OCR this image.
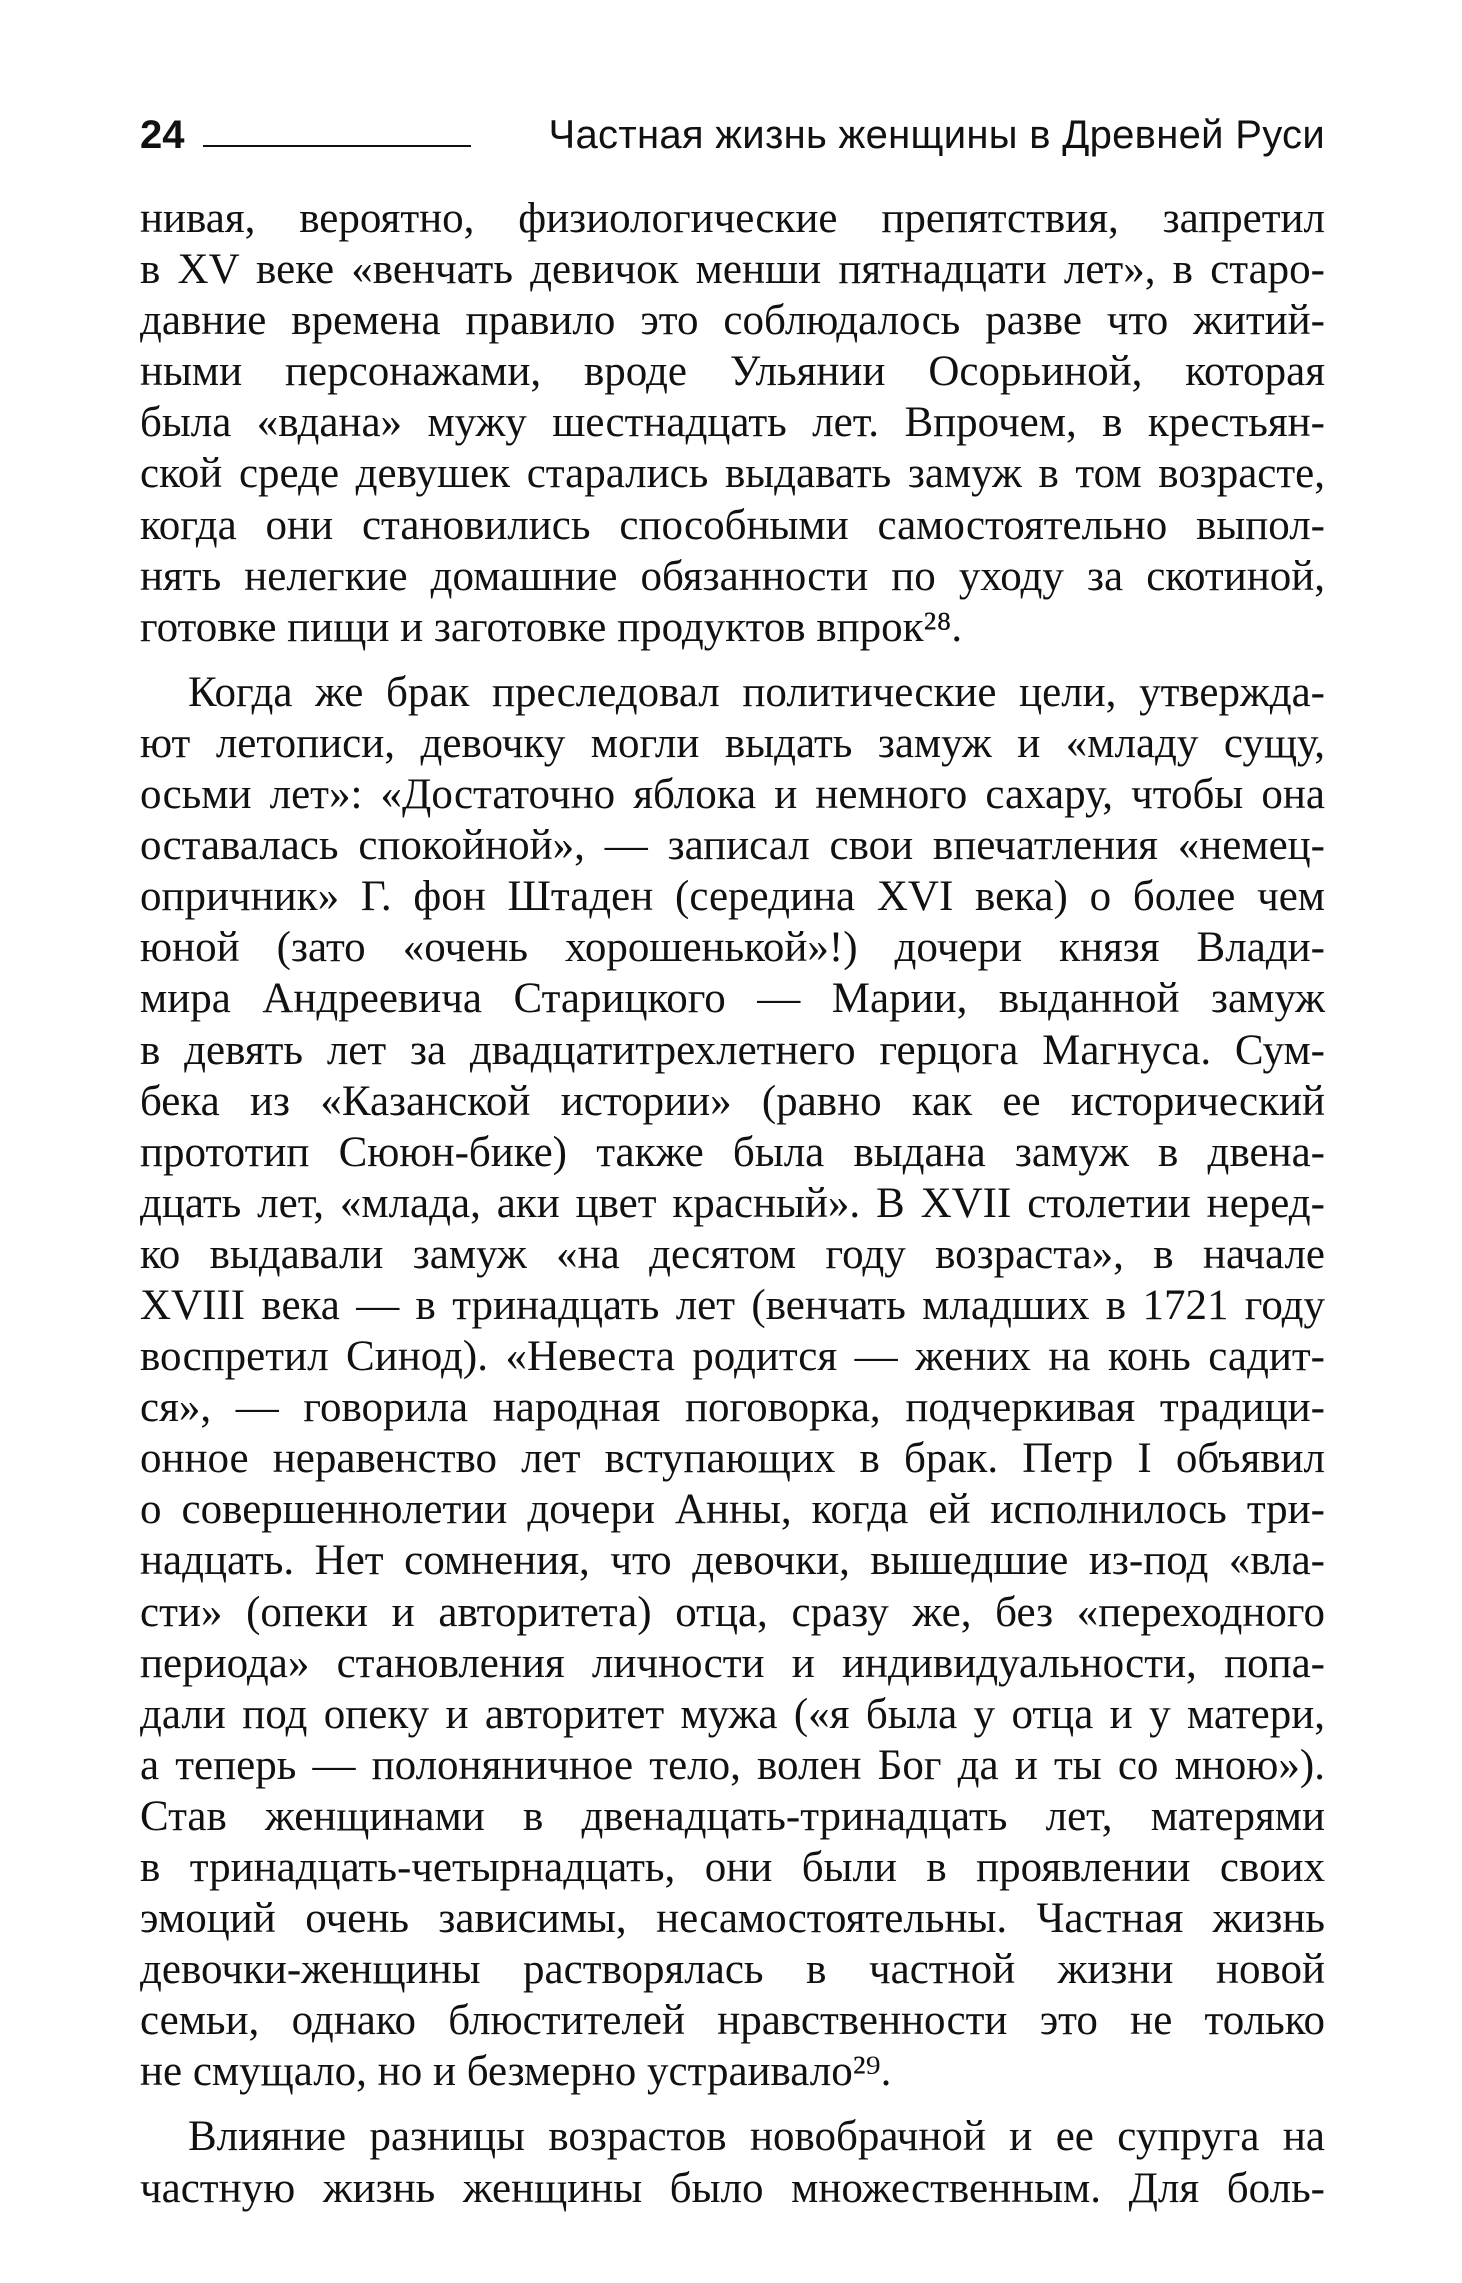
24	Частная жизнь женщины в Древней Руси

нивая, вероятно, физиологические препятствия, запретил
в XV веке «венчать девичок менши пятнадцати лет», в старо-
давние времена правило это соблюдалось разве что житий-
ными персонажами, вроде Ульянии Осорьиной, которая
была «вдана» мужу шестнадцать лет. Впрочем, в крестьян-
ской среде девушек старались выдавать замуж в том возрасте,
когда они становились способными самостоятельно выпол-
нять нелегкие домашние обязанности по уходу за скотиной,
готовке пищи и заготовке продуктов впрок²⁸.

Когда же брак преследовал политические цели, утвержда-
ют летописи, девочку могли выдать замуж и «младу сущу,
осьми лет»: «Достаточно яблока и немного сахару, чтобы она
оставалась спокойной», — записал свои впечатления «немец-
опричник» Г. фон Штаден (середина XVI века) о более чем
юной (зато «очень хорошенькой»!) дочери князя Влади-
мира Андреевича Старицкого — Марии, выданной замуж
в девять лет за двадцатитрехлетнего герцога Магнуса. Сум-
бека из «Казанской истории» (равно как ее исторический
прототип Сююн-бике) также была выдана замуж в двена-
дцать лет, «млада, аки цвет красный». В XVII столетии неред-
ко выдавали замуж «на десятом году возраста», в начале
XVIII века — в тринадцать лет (венчать младших в 1721 году
воспретил Синод). «Невеста родится — жених на конь садит-
ся», — говорила народная поговорка, подчеркивая традици-
онное неравенство лет вступающих в брак. Петр I объявил
о совершеннолетии дочери Анны, когда ей исполнилось три-
надцать. Нет сомнения, что девочки, вышедшие из-под «вла-
сти» (опеки и авторитета) отца, сразу же, без «переходного
периода» становления личности и индивидуальности, попа-
дали под опеку и авторитет мужа («я была у отца и у матери,
а теперь — полоняничное тело, волен Бог да и ты со мною»).
Став женщинами в двенадцать-тринадцать лет, матерями
в тринадцать-четырнадцать, они были в проявлении своих
эмоций очень зависимы, несамостоятельны. Частная жизнь
девочки-женщины растворялась в частной жизни новой
семьи, однако блюстителей нравственности это не только
не смущало, но и безмерно устраивало²⁹.

Влияние разницы возрастов новобрачной и ее супруга на
частную жизнь женщины было множественным. Для боль-
